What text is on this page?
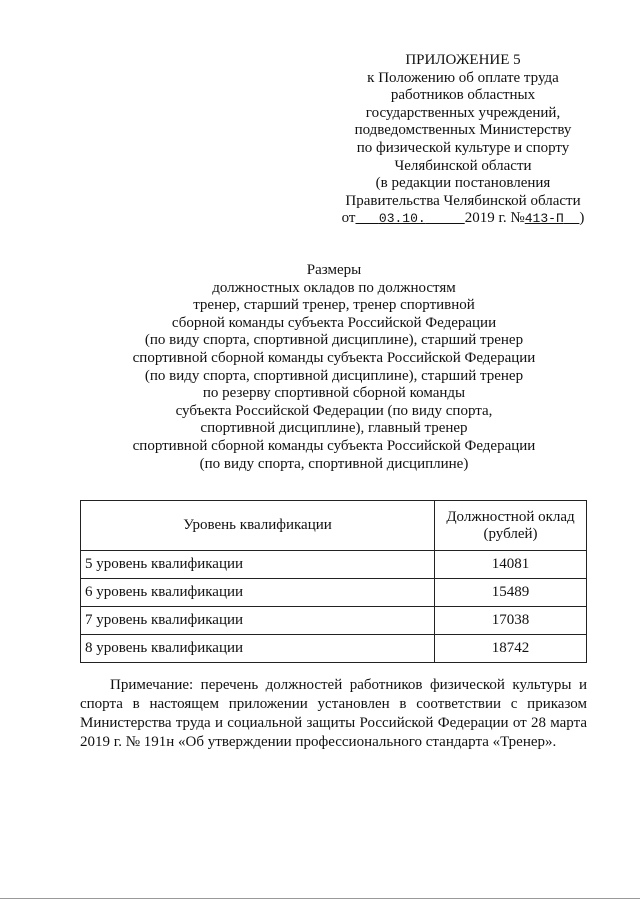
ПРИЛОЖЕНИЕ 5
к Положению об оплате труда
работников областных
государственных учреждений,
подведомственных Министерству
по физической культуре и спорту
Челябинской области
(в редакции постановления
Правительства Челябинской области
от 03.10.	2019 г. №413-П )
Размеры
должностных окладов по должностям
тренер, старший тренер, тренер спортивной
сборной команды субъекта Российской Федерации
(по виду спорта, спортивной дисциплине), старший тренер
спортивной сборной команды субъекта Российской Федерации
(по виду спорта, спортивной дисциплине), старший тренер
по резерву спортивной сборной команды
субъекта Российской Федерации (по виду спорта,
спортивной дисциплине), главный тренер
спортивной сборной команды субъекта Российской Федерации
(по виду спорта, спортивной дисциплине)
Уровень квалификации	Должностной оклад (рублей)
5 уровень квалификации	14081
6 уровень квалификации	15489
7 уровень квалификации	17038
8 уровень квалификации	18742
Примечание: перечень должностей работников физической культуры и спорта в настоящем приложении установлен в соответствии с приказом Министерства труда и социальной защиты Российской Федерации от 28 марта 2019 г. № 191н «Об утверждении профессионального стандарта «Тренер».
